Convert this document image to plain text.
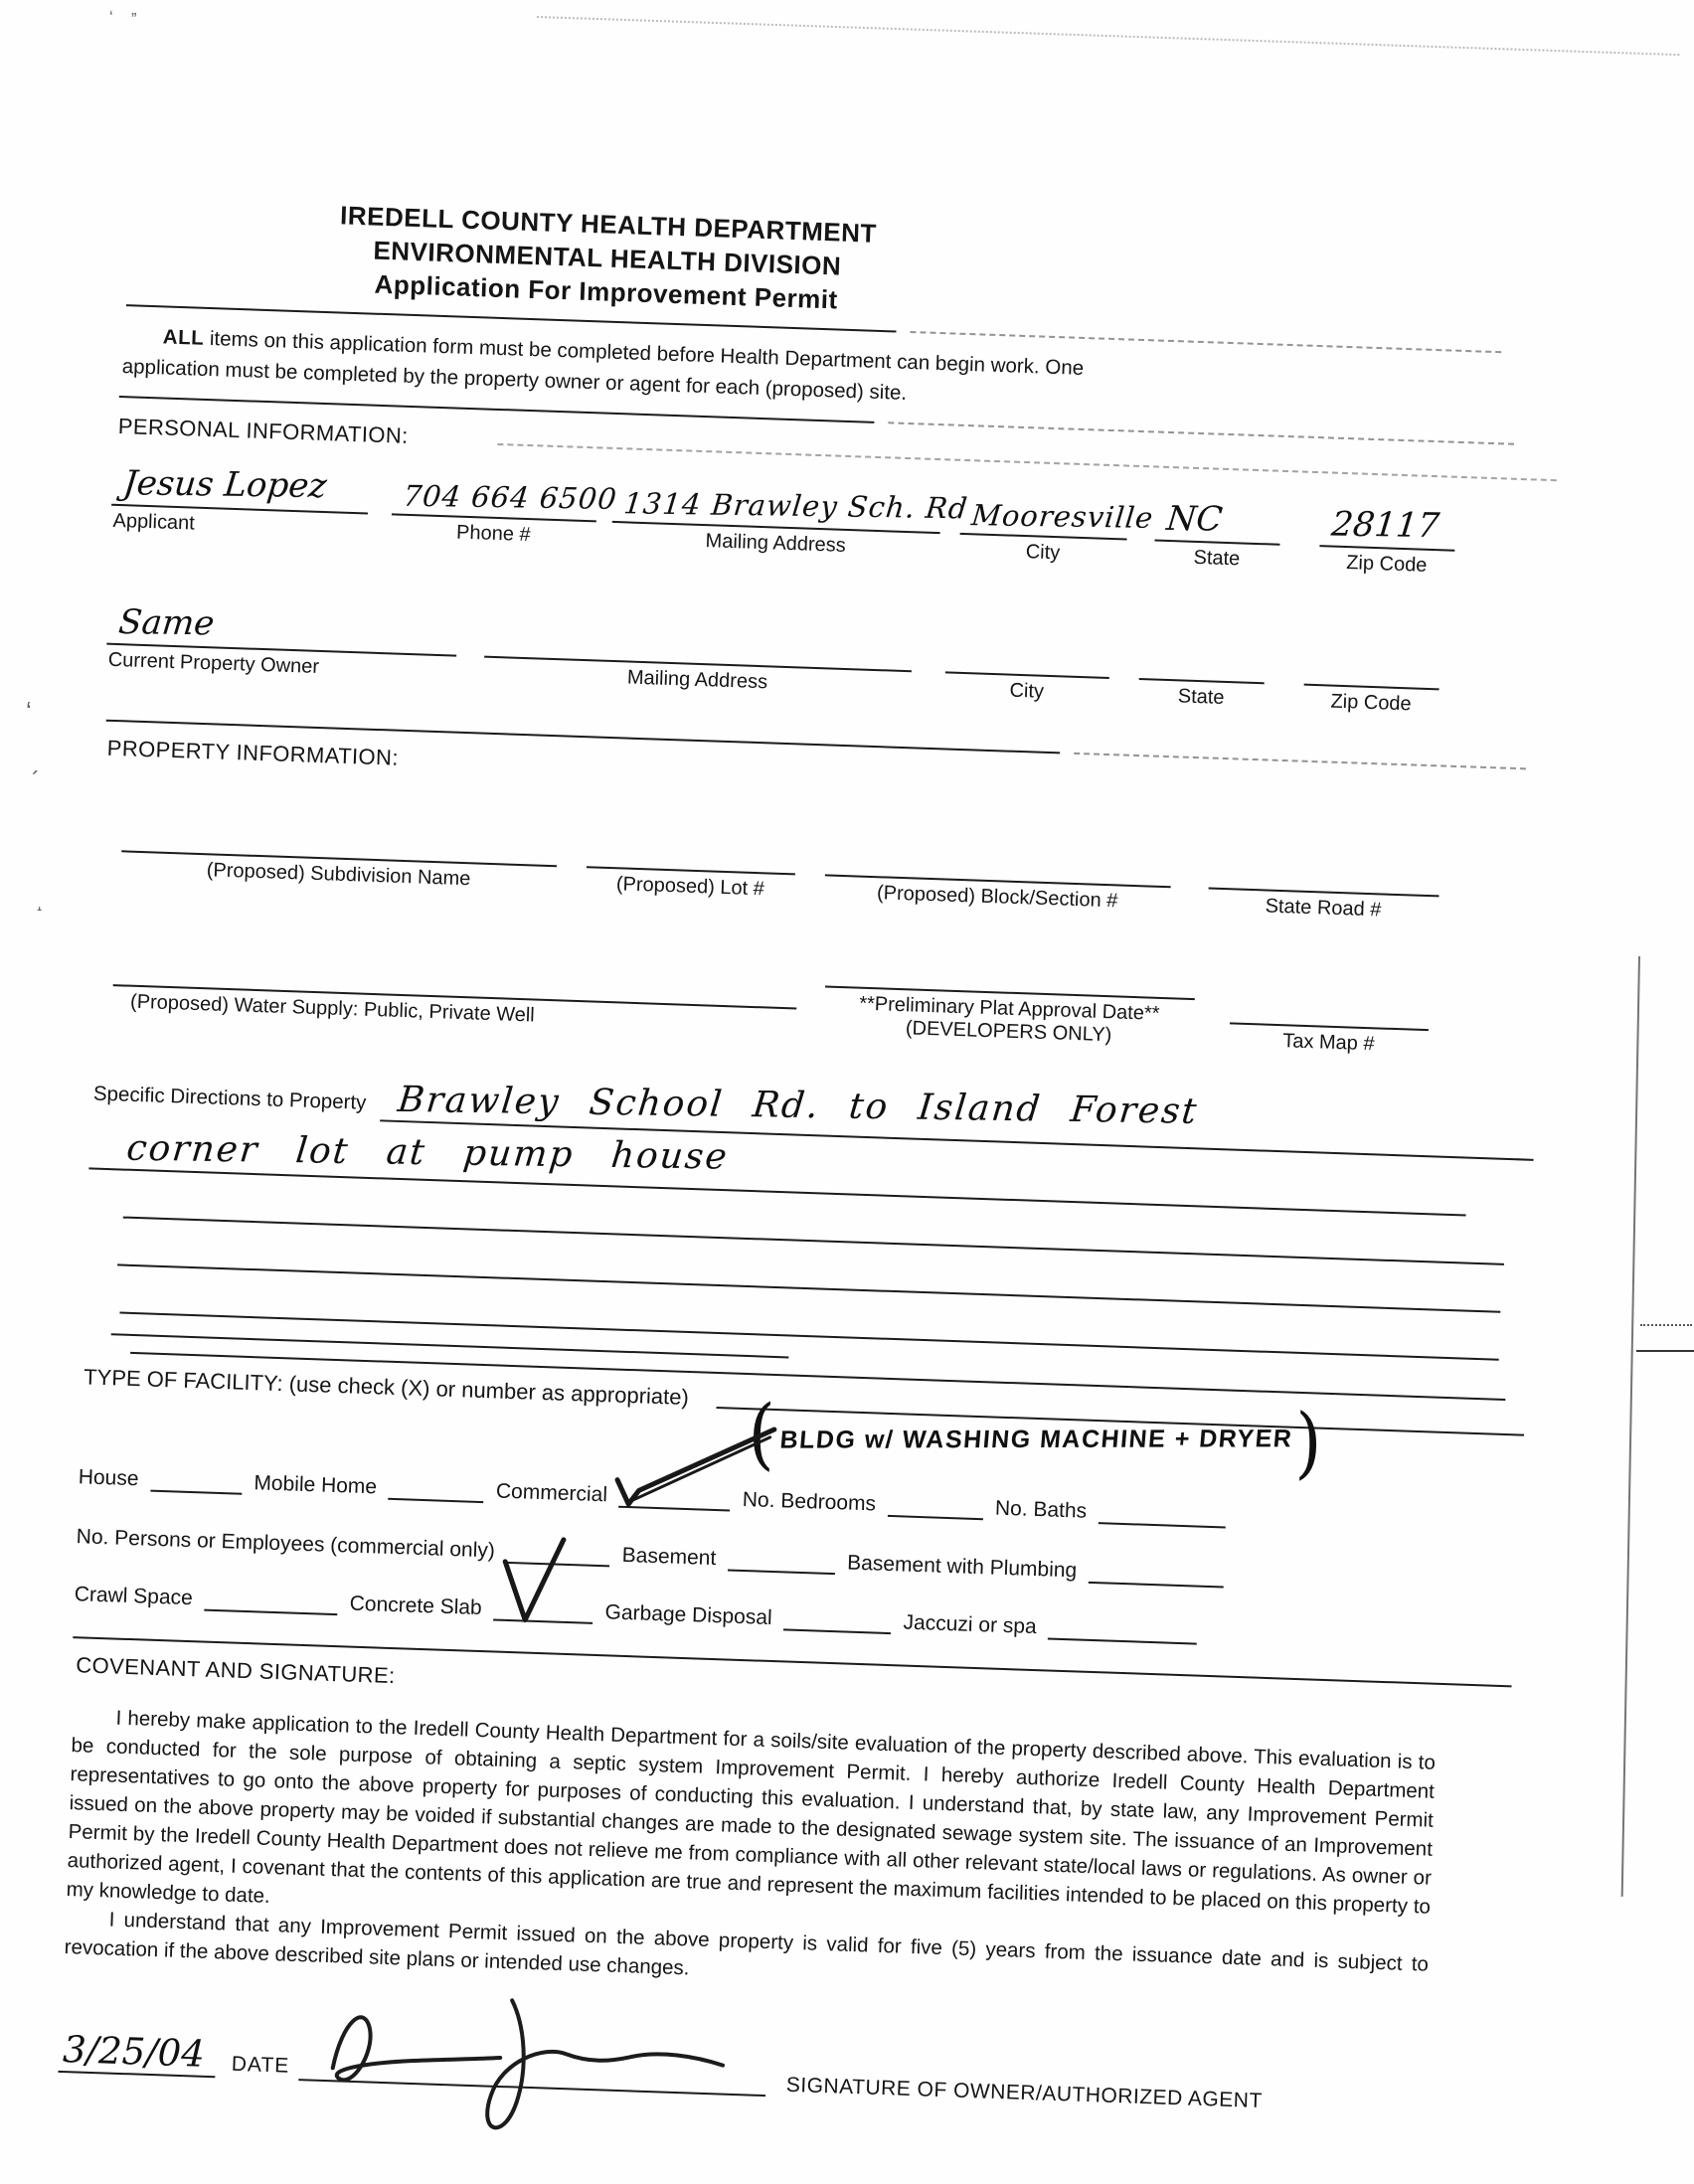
ʻ ˮ
‘
´
˔
IREDELL COUNTY HEALTH DEPARTMENT
ENVIRONMENTAL HEALTH DIVISION
Application For Improvement Permit

ALL items on this application form must be completed before Health Department can begin work. One application must be completed by the property owner or agent for each (proposed) site.

PERSONAL INFORMATION:
Jesus Lopez
Applicant
704 664 6500
Phone #
1314 Brawley Sch. Rd
Mailing Address
Mooresville
City
NC
State
28117
Zip Code
Same
Current Property Owner
Mailing Address	City	State	Zip Code
PROPERTY INFORMATION:
(Proposed) Subdivision Name	(Proposed) Lot #	(Proposed) Block/Section #	State Road #
(Proposed) Water Supply: Public, Private Well	**Preliminary Plat Approval Date**
(DEVELOPERS ONLY)	Tax Map #
Specific Directions to Property Brawley School Rd. to Island Forest
corner lot at pump house
TYPE OF FACILITY: (use check (X) or number as appropriate)
( BLDG w/ WASHING MACHINE + DRYER )
House	Mobile Home	Commercial	No. Bedrooms	No. Baths
No. Persons or Employees (commercial only)	Basement	Basement with Plumbing
Crawl Space	Concrete Slab	Garbage Disposal	Jaccuzi or spa
COVENANT AND SIGNATURE:

I hereby make application to the Iredell County Health Department for a soils/site evaluation of the property described above. This evaluation is to be conducted for the sole purpose of obtaining a septic system Improvement Permit. I hereby authorize Iredell County Health Department representatives to go onto the above property for purposes of conducting this evaluation. I understand that, by state law, any Improvement Permit issued on the above property may be voided if substantial changes are made to the designated sewage system site. The issuance of an Improvement Permit by the Iredell County Health Department does not relieve me from compliance with all other relevant state/local laws or regulations. As owner or authorized agent, I covenant that the contents of this application are true and represent the maximum facilities intended to be placed on this property to my knowledge to date.

I understand that any Improvement Permit issued on the above property is valid for five (5) years from the issuance date and is subject to revocation if the above described site plans or intended use changes.

3/25/04	DATE
SIGNATURE OF OWNER/AUTHORIZED AGENT
